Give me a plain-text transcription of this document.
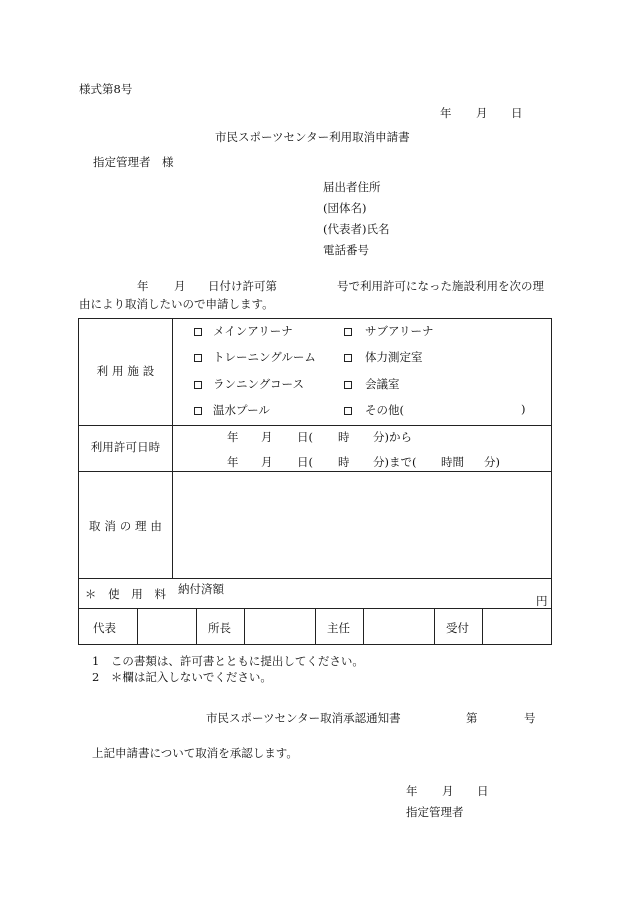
様式第8号
年 月 日
市民スポーツセンター利用取消申請書
指定管理者　様
届出者住所
(団体名)
(代表者)氏名
電話番号
年 月 日付け許可第	号で利用許可になった施設利用を次の理
由により取消したいので申請します。
利 用 施 設
メインアリーナ	サブアリーナ
トレーニングルーム	体力測定室
ランニングコース	会議室
温水プール	その他(	)
利用許可日時
年 月 日( 時 分)から
年 月 日( 時 分)まで( 時間 分)
取 消 の 理 由
＊　使　用　料	納付済額
円
代表	所長	主任	受付
1　この書類は、許可書とともに提出してください。
2　＊欄は記入しないでください。
市民スポーツセンター取消承認通知書	第	号
上記申請書について取消を承認します。
年 月 日
指定管理者
